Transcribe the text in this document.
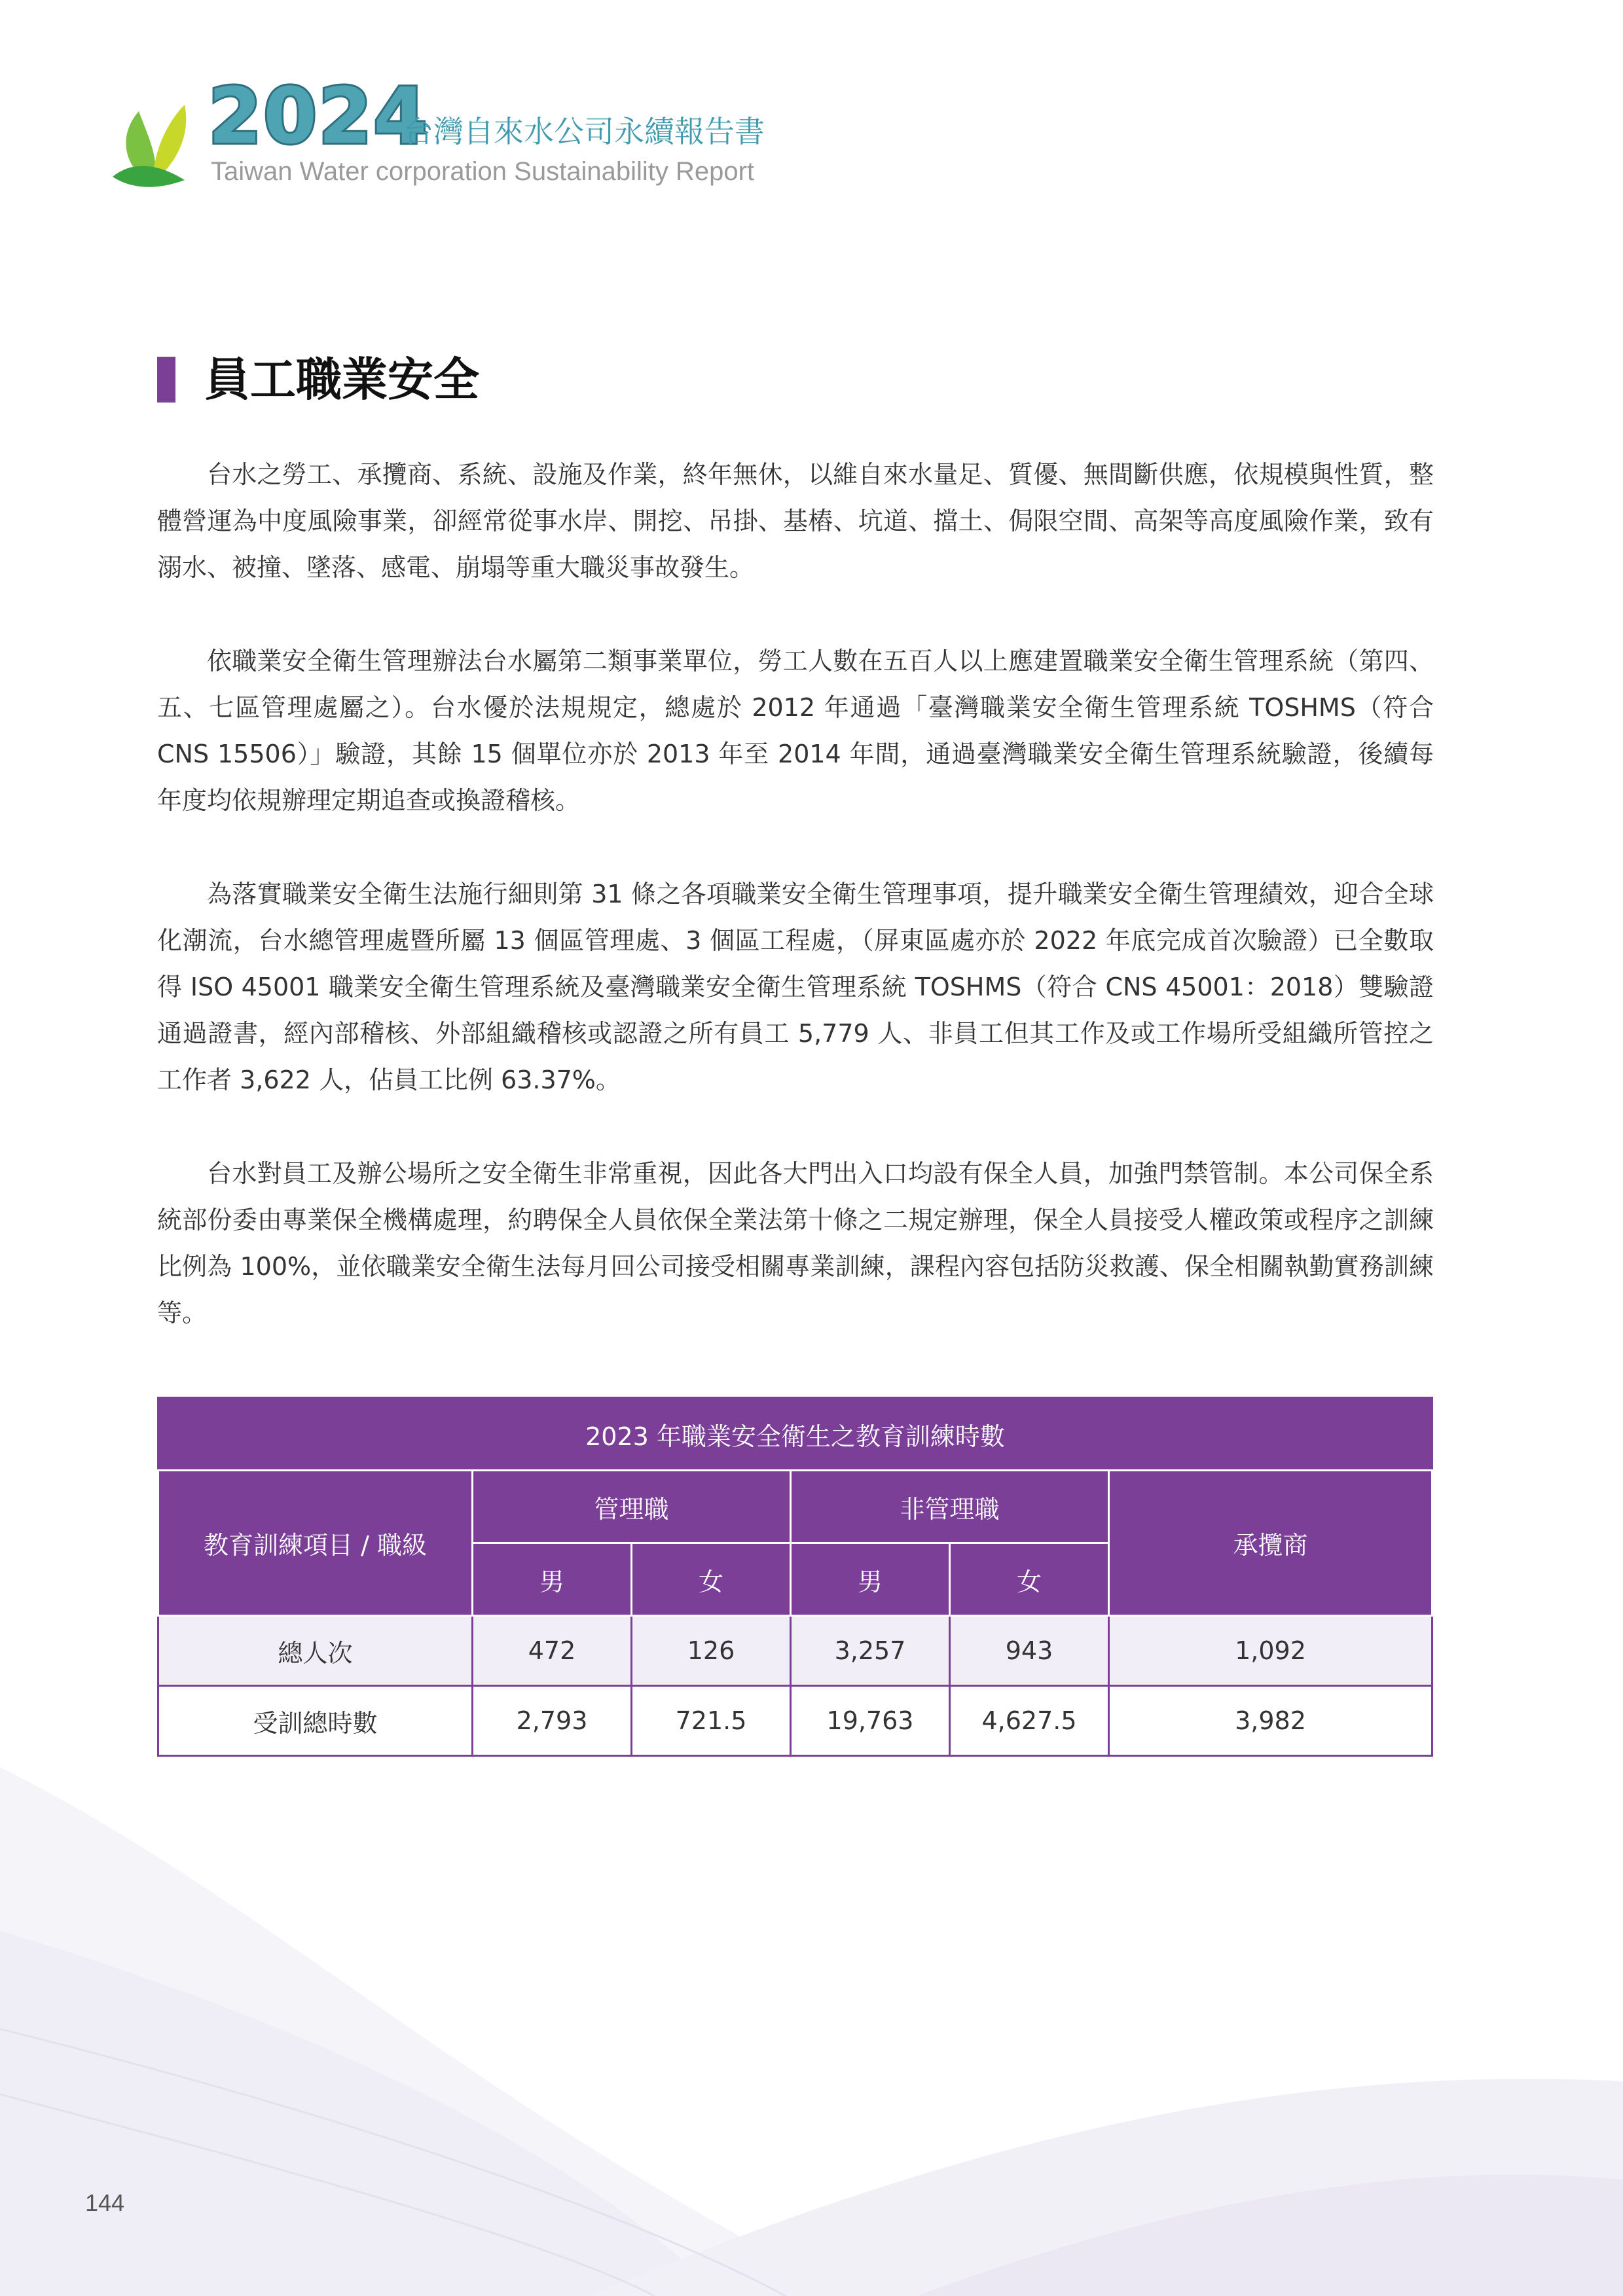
2024
台灣自來水公司永續報告書
Taiwan Water corporation Sustainability Report
員工職業安全

台水之勞工、承攬商、系統、設施及作業，終年無休，以維自來水量足、質優、無間斷供應，依規模與性質，整體營運為中度風險事業，卻經常從事水岸、開挖、吊掛、基樁、坑道、擋土、侷限空間、高架等高度風險作業，致有溺水、被撞、墜落、感電、崩塌等重大職災事故發生。

依職業安全衛生管理辦法台水屬第二類事業單位，勞工人數在五百人以上應建置職業安全衛生管理系統（第四、五、七區管理處屬之）。台水優於法規規定，總處於 2012 年通過「臺灣職業安全衛生管理系統 TOSHMS（符合 CNS 15506）」驗證，其餘 15 個單位亦於 2013 年至 2014 年間，通過臺灣職業安全衛生管理系統驗證，後續每年度均依規辦理定期追查或換證稽核。

為落實職業安全衛生法施行細則第 31 條之各項職業安全衛生管理事項，提升職業安全衛生管理績效，迎合全球化潮流，台水總管理處暨所屬 13 個區管理處、3 個區工程處，（屏東區處亦於 2022 年底完成首次驗證）已全數取得 ISO 45001 職業安全衛生管理系統及臺灣職業安全衛生管理系統 TOSHMS（符合 CNS 45001：2018）雙驗證通過證書，經內部稽核、外部組織稽核或認證之所有員工 5,779 人、非員工但其工作及或工作場所受組織所管控之工作者 3,622 人，佔員工比例 63.37%。

台水對員工及辦公場所之安全衛生非常重視，因此各大門出入口均設有保全人員，加強門禁管制。本公司保全系統部份委由專業保全機構處理，約聘保全人員依保全業法第十條之二規定辦理，保全人員接受人權政策或程序之訓練比例為 100%，並依職業安全衛生法每月回公司接受相關專業訓練，課程內容包括防災救護、保全相關執勤實務訓練等。

2023 年職業安全衛生之教育訓練時數					
教育訓練項目 / 職級	管理職		非管理職		承攬商
	男	女	男	女	
總人次	472	126	3,257	943	1,092
受訓總時數	2,793	721.5	19,763	4,627.5	3,982
144
